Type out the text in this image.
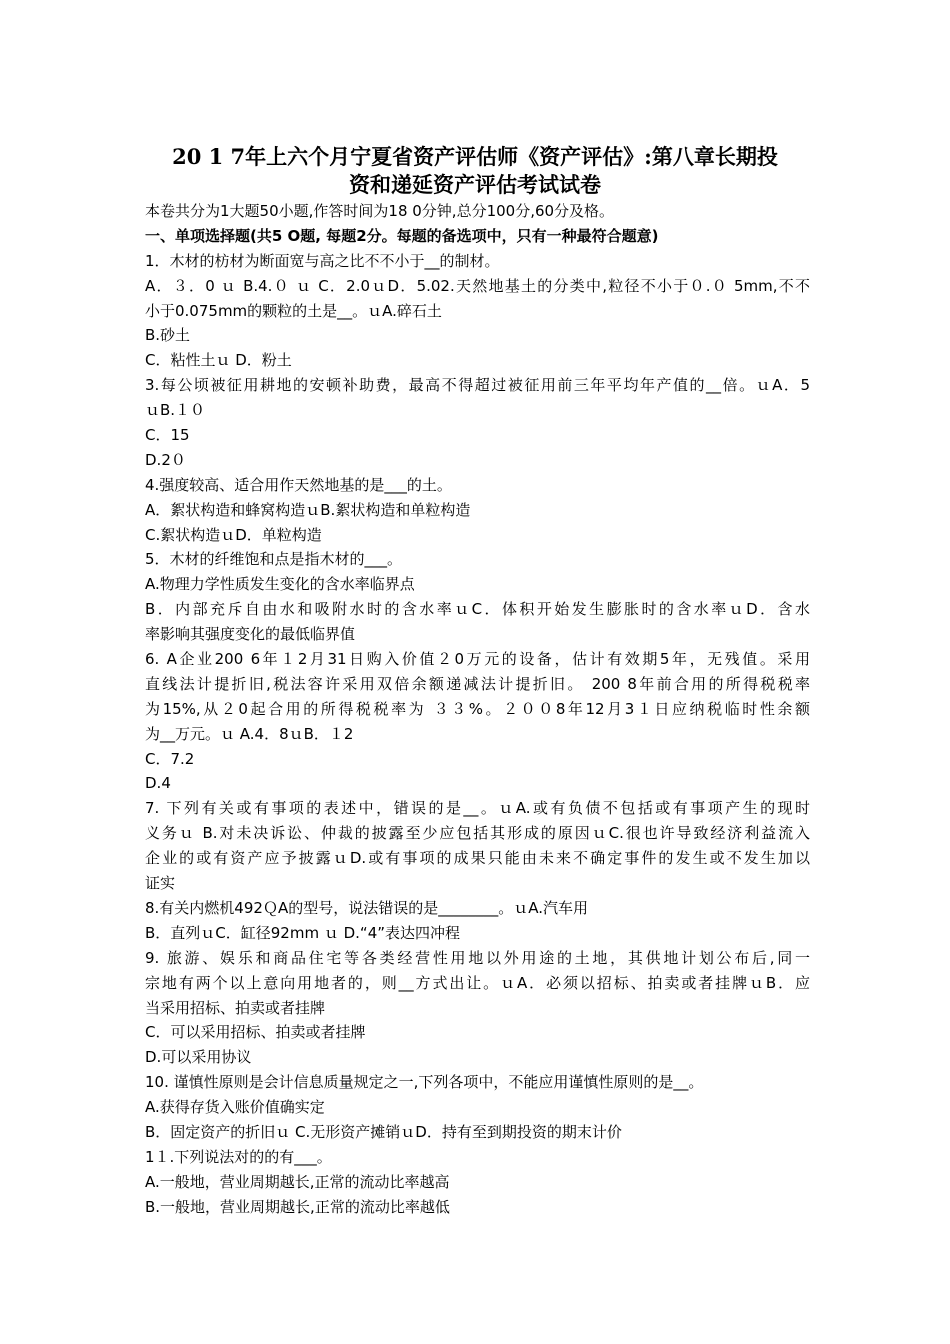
20 1 7年上六个月宁夏省资产评估师《资产评估》:第八章长期投
资和递延资产评估考试试卷
本卷共分为1大题50小题,作答时间为18 0分钟,总分100分,60分及格。
一、单项选择题(共5 O题, 每题2分。每题的备选项中，只有一种最符合题意)
1．木材的枋材为断面宽与高之比不不小于__的制材。
A．３．0 ｕ B.4.０ ｕ C．2.0ｕD．5.02.天然地基土的分类中,粒径不小于０.０ 5mm,不不
小于0.075mm的颗粒的土是__。ｕA.碎石土
B.砂土
C．粘性土ｕ D．粉土
3.每公顷被征用耕地的安顿补助费，最高不得超过被征用前三年平均年产值的__倍。ｕA．5
ｕB.１０
C．15
D.2０
4.强度较高、适合用作天然地基的是___的土。
A．絮状构造和蜂窝构造ｕB.絮状构造和单粒构造
C.絮状构造ｕD．单粒构造
5．木材的纤维饱和点是指木材的___。
A.物理力学性质发生变化的含水率临界点
B．内部充斥自由水和吸附水时的含水率ｕC．体积开始发生膨胀时的含水率ｕD．含水
率影响其强度变化的最低临界值
6. A企业200 6年１2月31日购入价值２0万元的设备，估计有效期5年，无残值。采用
直线法计提折旧,税法容许采用双倍余额递减法计提折旧。 200 8年前合用的所得税税率
为15%,从２0起合用的所得税税率为 ３３%。２００8年12月3１日应纳税临时性余额
为__万元。ｕ A.4．8ｕB．１2
C．7.2
D.4
7. 下列有关或有事项的表述中，错误的是__。ｕA.或有负债不包括或有事项产生的现时
义务ｕ B.对未决诉讼、仲裁的披露至少应包括其形成的原因ｕC.很也许导致经济利益流入
企业的或有资产应予披露ｕD.或有事项的成果只能由未来不确定事件的发生或不发生加以
证实
8.有关内燃机492ＱA的型号，说法错误的是________。ｕA.汽车用
B．直列ｕC．缸径92mm ｕ D.“4”表达四冲程
9. 旅游、娱乐和商品住宅等各类经营性用地以外用途的土地，其供地计划公布后,同一
宗地有两个以上意向用地者的，则__方式出让。ｕA．必须以招标、拍卖或者挂牌ｕB．应
当采用招标、拍卖或者挂牌
C．可以采用招标、拍卖或者挂牌
D.可以采用协议
10. 谨慎性原则是会计信息质量规定之一,下列各项中，不能应用谨慎性原则的是__。
A.获得存货入账价值确实定
B．固定资产的折旧ｕ C.无形资产摊销ｕD．持有至到期投资的期末计价
1１.下列说法对的的有___。
A.一般地，营业周期越长,正常的流动比率越高
B.一般地，营业周期越长,正常的流动比率越低
